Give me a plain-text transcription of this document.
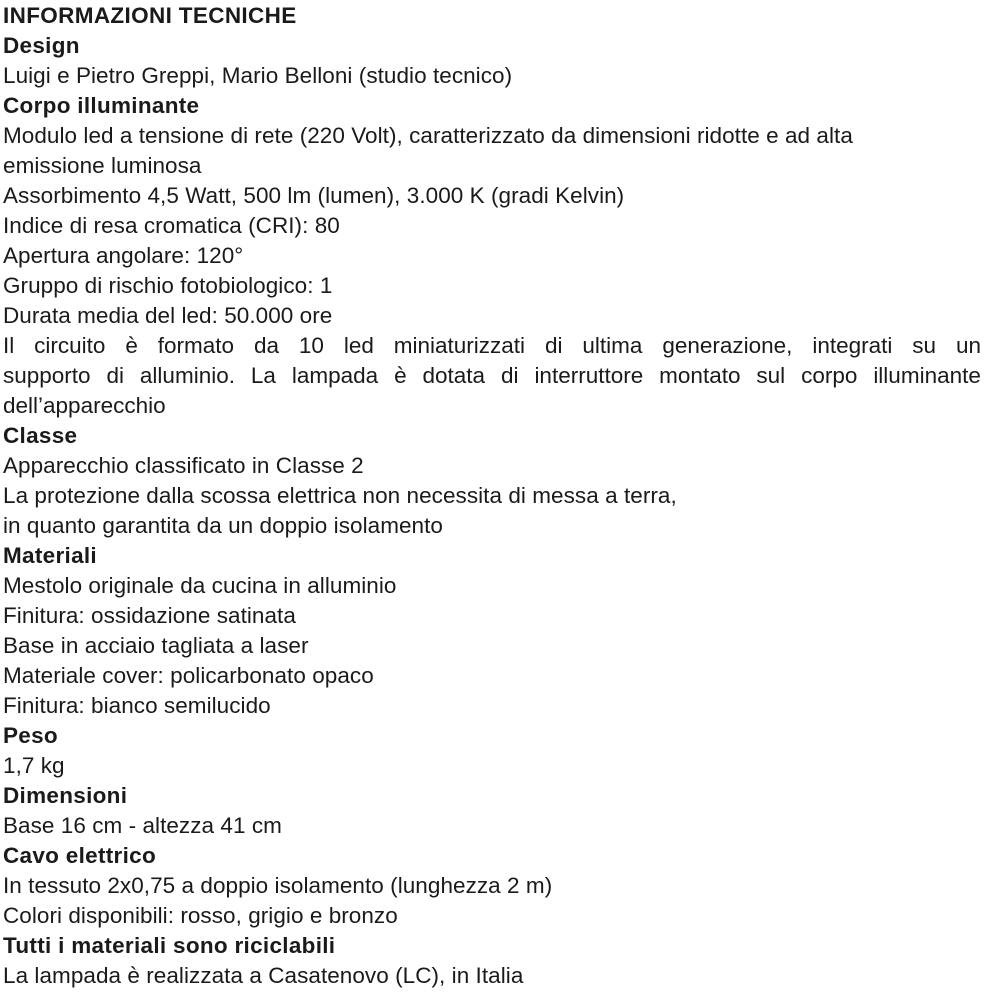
INFORMAZIONI TECNICHE
Design
Luigi e Pietro Greppi, Mario Belloni (studio tecnico)
Corpo illuminante
Modulo led a tensione di rete (220 Volt), caratterizzato da dimensioni ridotte e ad alta
emissione luminosa
Assorbimento 4,5 Watt, 500 lm (lumen), 3.000 K (gradi Kelvin)
Indice di resa cromatica (CRI): 80
Apertura angolare: 120°
Gruppo di rischio fotobiologico: 1
Durata media del led: 50.000 ore
Il circuito è formato da 10 led miniaturizzati di ultima generazione, integrati su un
supporto di alluminio. La lampada è dotata di interruttore montato sul corpo illuminante
dell’apparecchio
Classe
Apparecchio classificato in Classe 2
La protezione dalla scossa elettrica non necessita di messa a terra,
in quanto garantita da un doppio isolamento
Materiali
Mestolo originale da cucina in alluminio
Finitura: ossidazione satinata
Base in acciaio tagliata a laser
Materiale cover: policarbonato opaco
Finitura: bianco semilucido
Peso
1,7 kg
Dimensioni
Base 16 cm - altezza 41 cm
Cavo elettrico
In tessuto 2x0,75 a doppio isolamento (lunghezza 2 m)
Colori disponibili: rosso, grigio e bronzo
Tutti i materiali sono riciclabili
La lampada è realizzata a Casatenovo (LC), in Italia
